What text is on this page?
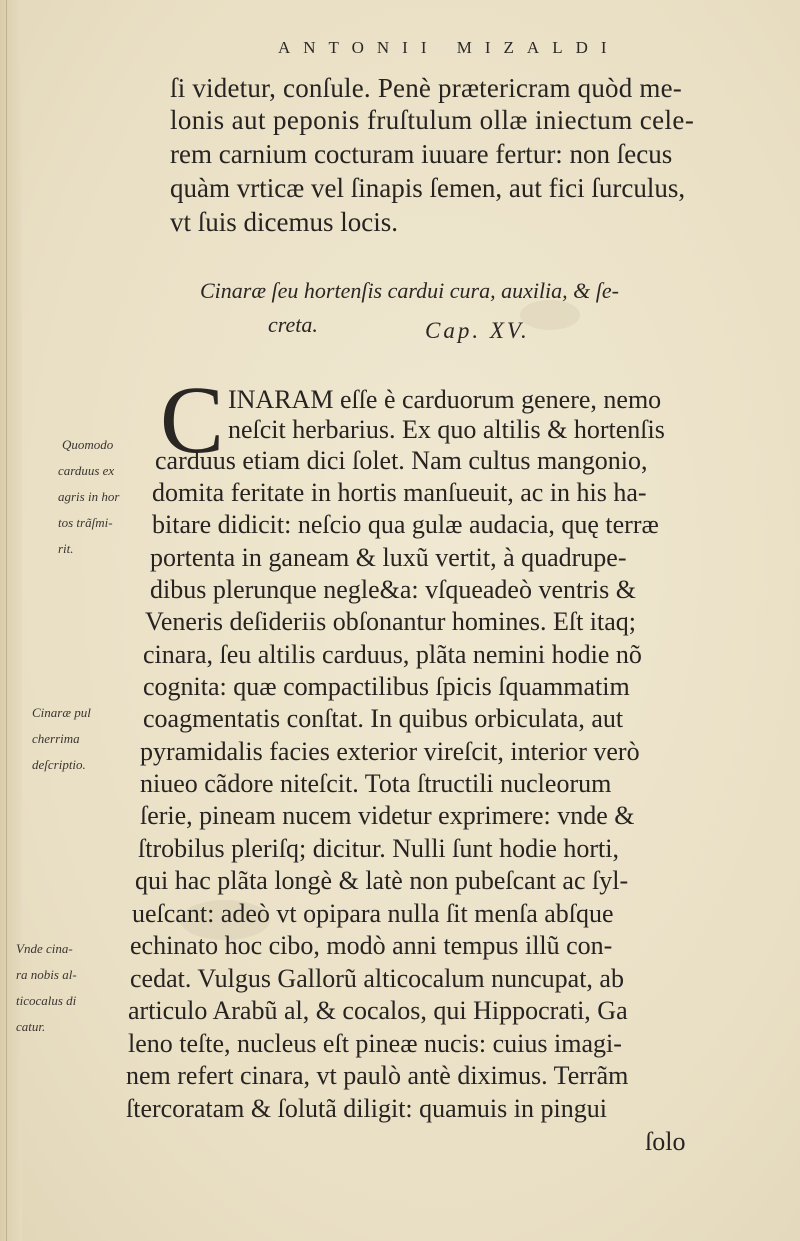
ANTONII MIZALDI
ſi videtur, conſule. Penè prætericram quòd me-
lonis aut peponis fruſtulum ollæ iniectum cele-
rem carnium cocturam iuuare fertur: non ſecus
quàm vrticæ vel ſinapis ſemen, aut fici ſurculus,
vt ſuis dicemus locis.
Cinaræ ſeu hortenſis cardui cura, auxilia, & ſe-
creta.	Cap. XV.
C INARAM eſſe è carduorum genere, nemo
neſcit herbarius. Ex quo altilis & hortenſis
carduus etiam dici ſolet. Nam cultus mangonio,
domita feritate in hortis manſueuit, ac in his ha-
bitare didicit: neſcio qua gulæ audacia, quę terræ
portenta in ganeam & luxũ vertit, à quadrupe-
dibus plerunque negle&a: vſqueadeò ventris &
Veneris deſideriis obſonantur homines. Eſt itaq;
cinara, ſeu altilis carduus, plãta nemini hodie nõ
cognita: quæ compactilibus ſpicis ſquammatim
coagmentatis conſtat. In quibus orbiculata, aut
pyramidalis facies exterior vireſcit, interior verò
niueo cãdore niteſcit. Tota ſtructili nucleorum
ſerie, pineam nucem videtur exprimere: vnde &
ſtrobilus pleriſq; dicitur. Nulli ſunt hodie horti,
qui hac plãta longè & latè non pubeſcant ac ſyl-
ueſcant: adeò vt opipara nulla ſit menſa abſque
echinato hoc cibo, modò anni tempus illũ con-
cedat. Vulgus Gallorũ alticocalum nuncupat, ab
articulo Arabũ al, & cocalos, qui Hippocrati, Ga
leno teſte, nucleus eſt pineæ nucis: cuius imagi-
nem refert cinara, vt paulò antè diximus. Terrãm
ſtercoratam & ſolutã diligit: quamuis in pingui
ſolo
Quomodo
carduus ex
agris in hor
tos trãſmi-
rit.
Cinaræ pul
cherrima
deſcriptio.
Vnde cina-
ra nobis al-
ticocalus di
catur.
